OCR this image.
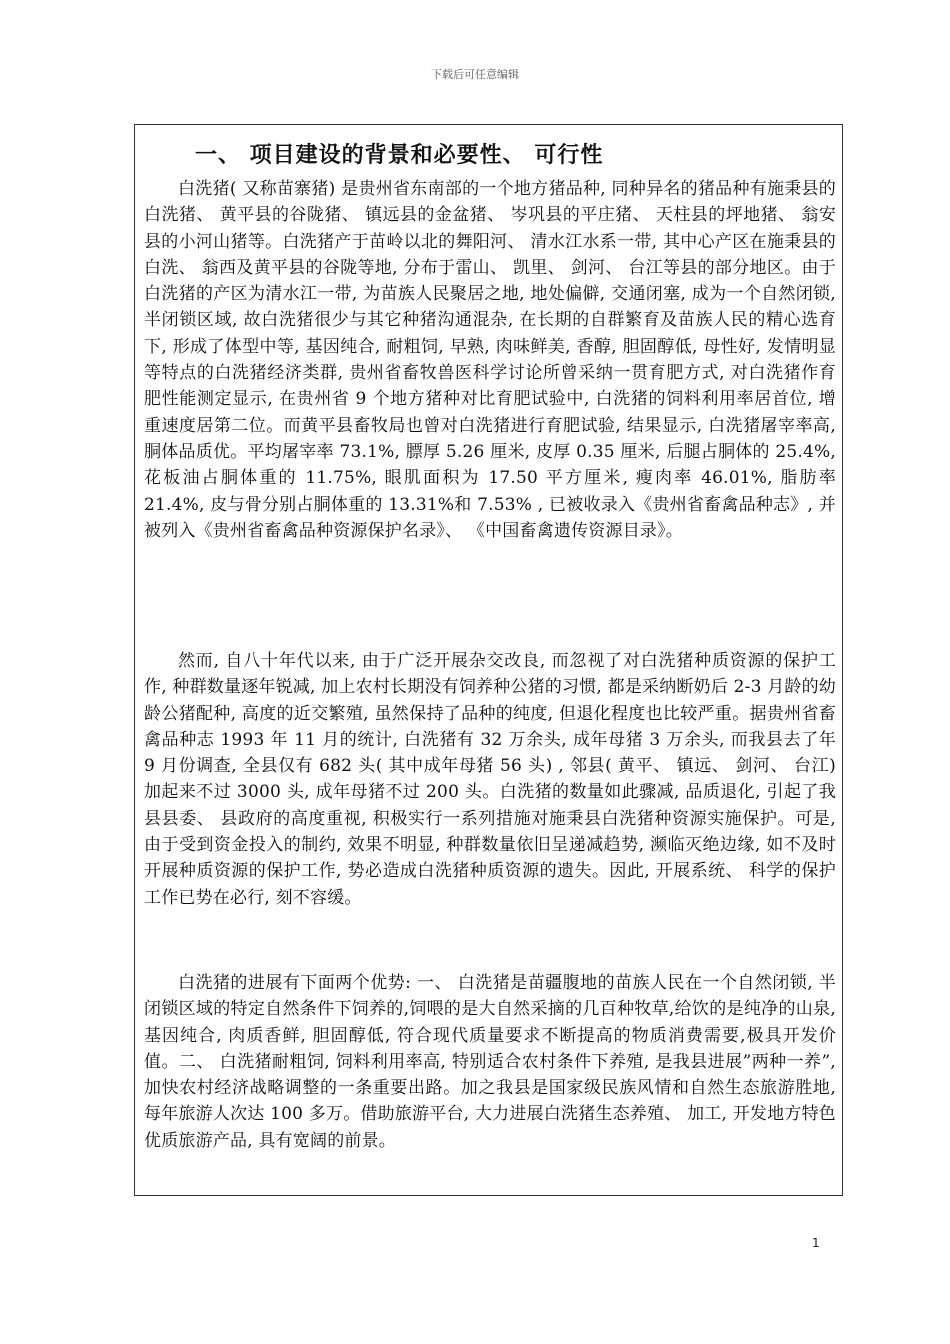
下载后可任意编辑
一、 项目建设的背景和必要性、 可行性

白洗猪( 又称苗寨猪) 是贵州省东南部的一个地方猪品种, 同种异名的猪品种有施秉县的白洗猪、 黄平县的谷陇猪、 镇远县的金盆猪、 岑巩县的平庄猪、 天柱县的坪地猪、 翁安县的小河山猪等。白洗猪产于苗岭以北的舞阳河、 清水江水系一带, 其中心产区在施秉县的白洗、 翁西及黄平县的谷陇等地, 分布于雷山、 凯里、 剑河、 台江等县的部分地区。由于白洗猪的产区为清水江一带, 为苗族人民聚居之地, 地处偏僻, 交通闭塞, 成为一个自然闭锁, 半闭锁区域, 故白洗猪很少与其它种猪沟通混杂, 在长期的自群繁育及苗族人民的精心选育下, 形成了体型中等, 基因纯合, 耐粗饲, 早熟, 肉味鲜美, 香醇, 胆固醇低, 母性好, 发情明显等特点的白洗猪经济类群, 贵州省畜牧兽医科学讨论所曾采纳一贯育肥方式, 对白洗猪作育肥性能测定显示, 在贵州省 9 个地方猪种对比育肥试验中, 白洗猪的饲料利用率居首位, 增重速度居第二位。而黄平县畜牧局也曾对白洗猪进行育肥试验, 结果显示, 白洗猪屠宰率高, 胴体品质优。平均屠宰率 73.1%, 膘厚 5.26 厘米, 皮厚 0.35 厘米, 后腿占胴体的 25.4%, 花板油占胴体重的 11.75%, 眼肌面积为 17.50 平方厘米, 瘦肉率 46.01%, 脂肪率 21.4%, 皮与骨分别占胴体重的 13.31%和 7.53% , 已被收录入《贵州省畜禽品种志》, 并被列入《贵州省畜禽品种资源保护名录》、 《中国畜禽遗传资源目录》。

然而, 自八十年代以来, 由于广泛开展杂交改良, 而忽视了对白洗猪种质资源的保护工作, 种群数量逐年锐减, 加上农村长期没有饲养种公猪的习惯, 都是采纳断奶后 2-3 月龄的幼龄公猪配种, 高度的近交繁殖, 虽然保持了品种的纯度, 但退化程度也比较严重。据贵州省畜禽品种志 1993 年 11 月的统计, 白洗猪有 32 万余头, 成年母猪 3 万余头, 而我县去了年 9 月份调查, 全县仅有 682 头( 其中成年母猪 56 头) , 邻县( 黄平、 镇远、 剑河、 台江) 加起来不过 3000 头, 成年母猪不过 200 头。白洗猪的数量如此骤减, 品质退化, 引起了我县县委、 县政府的高度重视, 积极实行一系列措施对施秉县白洗猪种资源实施保护。可是, 由于受到资金投入的制约, 效果不明显, 种群数量依旧呈递减趋势, 濒临灭绝边缘, 如不及时开展种质资源的保护工作, 势必造成白洗猪种质资源的遗失。因此, 开展系统、 科学的保护工作已势在必行, 刻不容缓。

白洗猪的进展有下面两个优势: 一、 白洗猪是苗疆腹地的苗族人民在一个自然闭锁, 半闭锁区域的特定自然条件下饲养的,饲喂的是大自然采摘的几百种牧草,给饮的是纯净的山泉, 基因纯合, 肉质香鲜, 胆固醇低, 符合现代质量要求不断提高的物质消费需要,极具开发价值。二、 白洗猪耐粗饲, 饲料利用率高, 特别适合农村条件下养殖, 是我县进展”两种一养”, 加快农村经济战略调整的一条重要出路。加之我县是国家级民族风情和自然生态旅游胜地, 每年旅游人次达 100 多万。借助旅游平台, 大力进展白洗猪生态养殖、 加工, 开发地方特色优质旅游产品, 具有宽阔的前景。

1
